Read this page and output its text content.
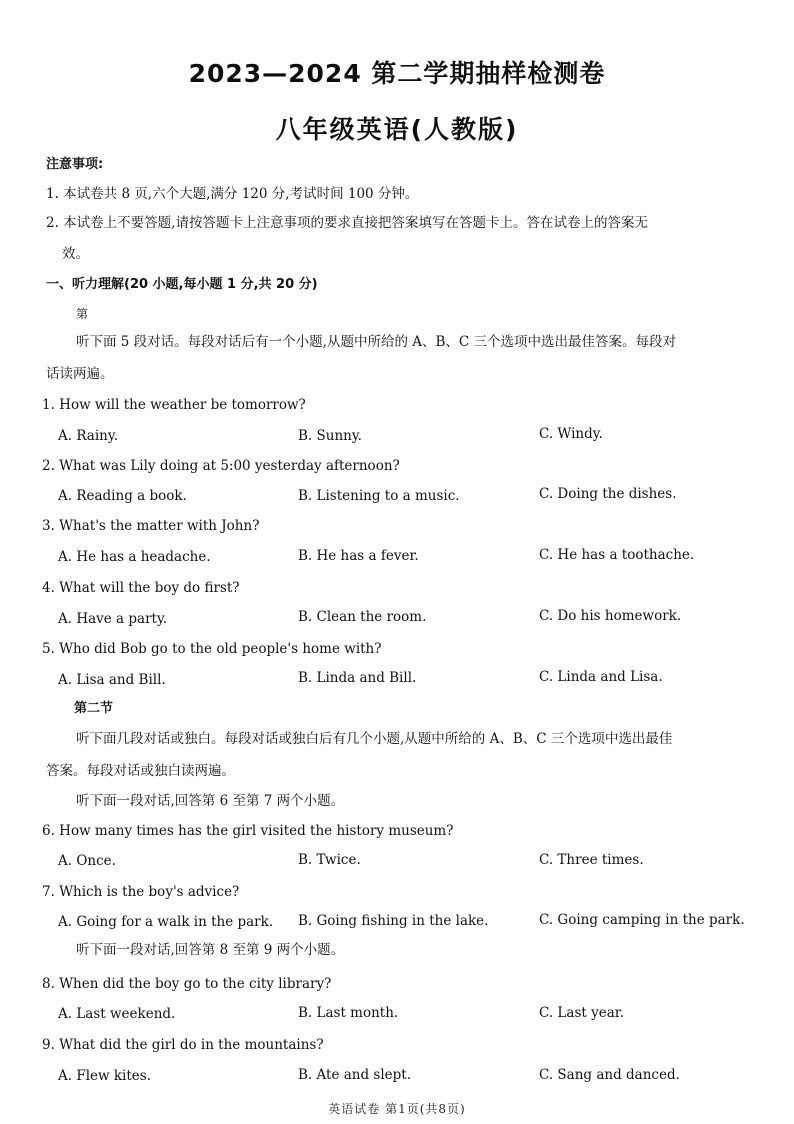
2023—2024 第二学期抽样检测卷
八年级英语(人教版)
注意事项:
1. 本试卷共 8 页,六个大题,满分 120 分,考试时间 100 分钟。
2. 本试卷上不要答题,请按答题卡上注意事项的要求直接把答案填写在答题卡上。答在试卷上的答案无
效。
一、听力理解(20 小题,每小题 1 分,共 20 分)
第
听下面 5 段对话。每段对话后有一个小题,从题中所给的 A、B、C 三个选项中选出最佳答案。每段对
话读两遍。
1. How will the weather be tomorrow?
A. Rainy.	B. Sunny.	C. Windy.
2. What was Lily doing at 5:00 yesterday afternoon?
A. Reading a book.	B. Listening to a music.	C. Doing the dishes.
3. What's the matter with John?
A. He has a headache.	B. He has a fever.	C. He has a toothache.
4. What will the boy do first?
A. Have a party.	B. Clean the room.	C. Do his homework.
5. Who did Bob go to the old people's home with?
A. Lisa and Bill.	B. Linda and Bill.	C. Linda and Lisa.
第二节
听下面几段对话或独白。每段对话或独白后有几个小题,从题中所给的 A、B、C 三个选项中选出最佳
答案。每段对话或独白读两遍。
听下面一段对话,回答第 6 至第 7 两个小题。
6. How many times has the girl visited the history museum?
A. Once.	B. Twice.	C. Three times.
7. Which is the boy's advice?
A. Going for a walk in the park. B. Going fishing in the lake.	C. Going camping in the park.
听下面一段对话,回答第 8 至第 9 两个小题。
8. When did the boy go to the city library?
A. Last weekend.	B. Last month.	C. Last year.
9. What did the girl do in the mountains?
A. Flew kites.	B. Ate and slept.	C. Sang and danced.
英语试卷 第1页(共8页)
